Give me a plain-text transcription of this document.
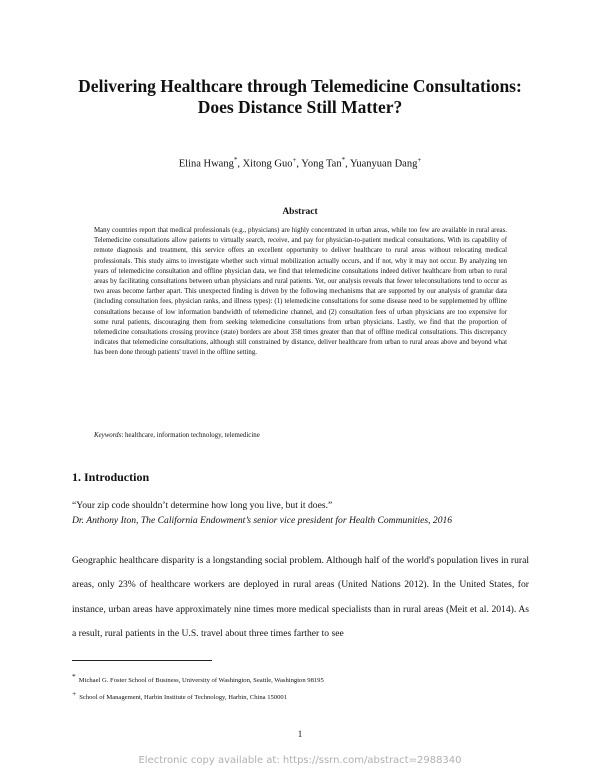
Delivering Healthcare through Telemedicine Consultations:
Does Distance Still Matter?
Elina Hwang*, Xitong Guo+, Yong Tan*, Yuanyuan Dang+
Abstract
Many countries report that medical professionals (e.g., physicians) are highly concentrated in urban areas, while too few are available in rural areas. Telemedicine consultations allow patients to virtually search, receive, and pay for physician-to-patient medical consultations. With its capability of remote diagnosis and treatment, this service offers an excellent opportunity to deliver healthcare to rural areas without relocating medical professionals. This study aims to investigate whether such virtual mobilization actually occurs, and if not, why it may not occur. By analyzing ten years of telemedicine consultation and offline physician data, we find that telemedicine consultations indeed deliver healthcare from urban to rural areas by facilitating consultations between urban physicians and rural patients. Yet, our analysis reveals that fewer teleconsultations tend to occur as two areas become farther apart. This unexpected finding is driven by the following mechanisms that are supported by our analysis of granular data (including consultation fees, physician ranks, and illness types): (1) telemedicine consultations for some disease need to be supplemented by offline consultations because of low information bandwidth of telemedicine channel, and (2) consultation fees of urban physicians are too expensive for some rural patients, discouraging them from seeking telemedicine consultations from urban physicians. Lastly, we find that the proportion of telemedicine consultations crossing province (state) borders are about 358 times greater than that of offline medical consultations. This discrepancy indicates that telemedicine consultations, although still constrained by distance, deliver healthcare from urban to rural areas above and beyond what has been done through patients' travel in the offline setting.
Keywords: healthcare, information technology, telemedicine
1. Introduction
“Your zip code shouldn’t determine how long you live, but it does.”
Dr. Anthony Iton, The California Endowment’s senior vice president for Health Communities, 2016
Geographic healthcare disparity is a longstanding social problem. Although half of the world's population lives in rural areas, only 23% of healthcare workers are deployed in rural areas (United Nations 2012). In the United States, for instance, urban areas have approximately nine times more medical specialists than in rural areas (Meit et al. 2014). As a result, rural patients in the U.S. travel about three times farther to see
* Michael G. Foster School of Business, University of Washington, Seattle, Washington 98195
+ School of Management, Harbin Institute of Technology, Harbin, China 150001
1
Electronic copy available at: https://ssrn.com/abstract=2988340
